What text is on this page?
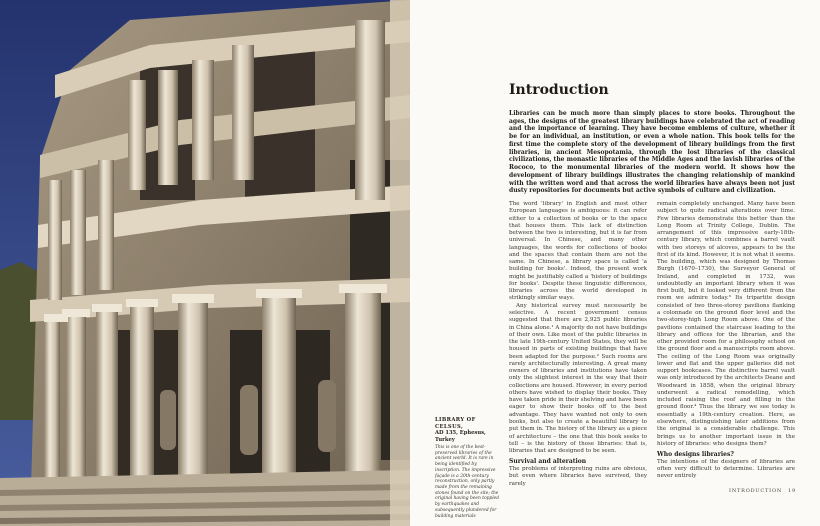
LIBRARY OF CELSUS,
AD 135, Ephesus, Turkey
This is one of the best-preserved libraries of the ancient world. It is rare in being identified by inscription. The impressive façade is a 20th-century reconstruction, only partly made from the remaining stones found on the site; the original having been toppled by earthquakes and subsequently plundered for building materials
Introduction

Libraries can be much more than simply places to store books. Throughout the ages, the designs of the greatest library buildings have celebrated the act of reading and the importance of learning. They have become emblems of culture, whether it be for an individual, an institution, or even a whole nation. This book tells for the first time the complete story of the development of library buildings from the first libraries, in ancient Mesopotamia, through the lost libraries of the classical civilizations, the monastic libraries of the Middle Ages and the lavish libraries of the Rococo, to the monumental libraries of the modern world. It shows how the development of library buildings illustrates the changing relationship of mankind with the written word and that across the world libraries have always been not just dusty repositories for documents but active symbols of culture and civilization.

The word 'library' in English and most other European languages is ambiguous: it can refer either to a collection of books or to the space that houses them. This lack of distinction between the two is interesting, but it is far from universal. In Chinese, and many other languages, the words for collections of books and the spaces that contain them are not the same. In Chinese, a library space is called 'a building for books'. Indeed, the present work might be justifiably called a 'history of buildings for books'. Despite these linguistic differences, libraries across the world developed in strikingly similar ways.

Any historical survey must necessarily be selective. A recent government census suggested that there are 2,925 public libraries in China alone.¹ A majority do not have buildings of their own. Like most of the public libraries in the late 19th-century United States, they will be housed in parts of existing buildings that have been adapted for the purpose.² Such rooms are rarely architecturally interesting. A great many owners of libraries and institutions have taken only the slightest interest in the way that their collections are housed. However, in every period others have wished to display their books. They have taken pride in their shelving and have been eager to show their books off to the best advantage. They have wanted not only to own books, but also to create a beautiful library to put them in. The history of the library as a piece of architecture – the one that this book seeks to tell – is the history of those libraries: that is, libraries that are designed to be seen.

Survival and alteration

The problems of interpreting ruins are obvious, but even where libraries have survived, they rarely

remain completely unchanged. Many have been subject to quite radical alterations over time. Few libraries demonstrate this better than the Long Room at Trinity College, Dublin. The arrangement of this impressive early-18th-century library, which combines a barrel vault with two storeys of alcoves, appears to be the first of its kind. However, it is not what it seems. The building, which was designed by Thomas Burgh (1670–1730), the Surveyor General of Ireland, and completed in 1732, was undoubtedly an important library when it was first built, but it looked very different from the room we admire today.³ Its tripartite design consisted of two three-storey pavilions flanking a colonnade on the ground floor level and the two-storey-high Long Room above. One of the pavilions contained the staircase leading to the library and offices for the librarian, and the other provided room for a philosophy school on the ground floor and a manuscripts room above. The ceiling of the Long Room was originally lower and flat and the upper galleries did not support bookcases. The distinctive barrel vault was only introduced by the architects Deane and Woodward in 1858, when the original library underwent a radical remodelling, which included raising the roof and filling in the ground floor.⁴ Thus the library we see today is essentially a 19th-century creation. Here, as elsewhere, distinguishing later additions from the original is a considerable challenge. This brings us to another important issue in the history of libraries: who designs them?

Who designs libraries?

The intentions of the designers of libraries are often very difficult to determine. Libraries are never entirely

INTRODUCTION 19
